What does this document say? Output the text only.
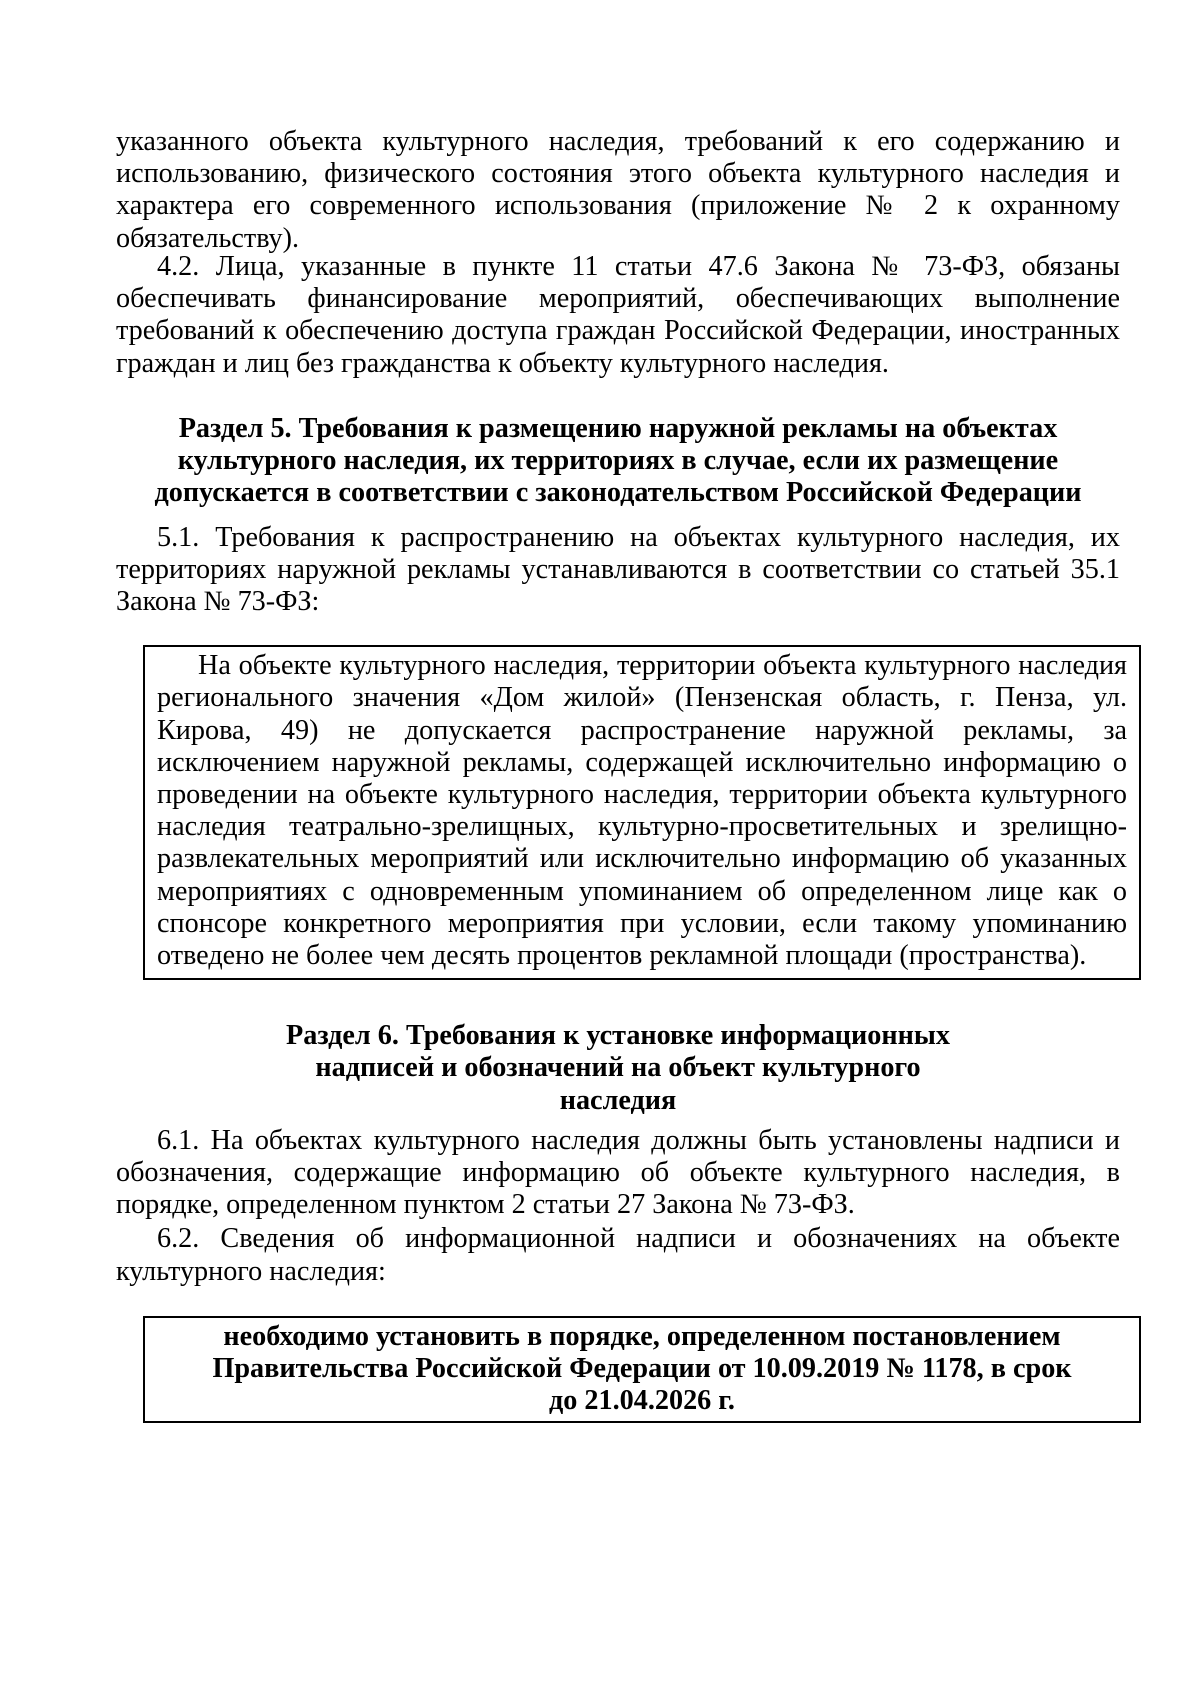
указанного объекта культурного наследия, требований к его содержанию и использованию, физического состояния этого объекта культурного наследия и характера его современного использования (приложение № 2 к охранному обязательству).

4.2. Лица, указанные в пункте 11 статьи 47.6 Закона № 73-ФЗ, обязаны обеспечивать финансирование мероприятий, обеспечивающих выполнение требований к обеспечению доступа граждан Российской Федерации, иностранных граждан и лиц без гражданства к объекту культурного наследия.

Раздел 5. Требования к размещению наружной рекламы на объектах культурного наследия, их территориях в случае, если их размещение допускается в соответствии с законодательством Российской Федерации

5.1. Требования к распространению на объектах культурного наследия, их территориях наружной рекламы устанавливаются в соответствии со статьей 35.1 Закона № 73-ФЗ:

На объекте культурного наследия, территории объекта культурного наследия регионального значения «Дом жилой» (Пензенская область, г. Пенза, ул. Кирова, 49) не допускается распространение наружной рекламы, за исключением наружной рекламы, содержащей исключительно информацию о проведении на объекте культурного наследия, территории объекта культурного наследия театрально-зрелищных, культурно-просветительных и зрелищно-развлекательных мероприятий или исключительно информацию об указанных мероприятиях с одновременным упоминанием об определенном лице как о спонсоре конкретного мероприятия при условии, если такому упоминанию отведено не более чем десять процентов рекламной площади (пространства).

Раздел 6. Требования к установке информационных надписей и обозначений на объект культурного наследия

6.1. На объектах культурного наследия должны быть установлены надписи и обозначения, содержащие информацию об объекте культурного наследия, в порядке, определенном пунктом 2 статьи 27 Закона № 73-ФЗ.

6.2. Сведения об информационной надписи и обозначениях на объекте культурного наследия:

необходимо установить в порядке, определенном постановлением Правительства Российской Федерации от 10.09.2019 № 1178, в срок до 21.04.2026 г.
